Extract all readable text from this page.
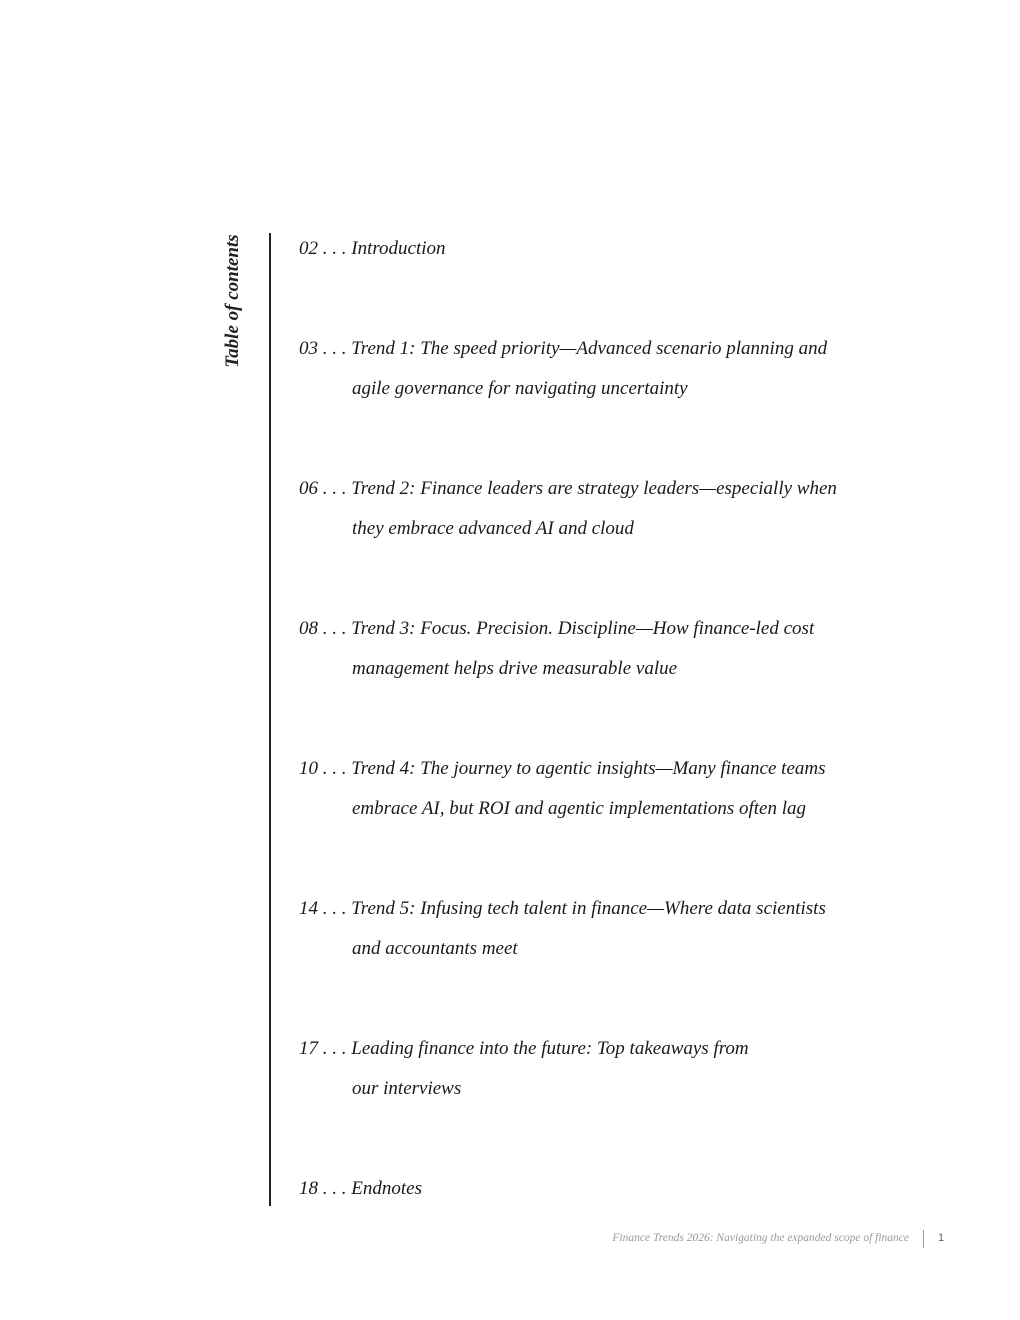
Table of contents	02 . . . Introduction
03 . . . Trend 1: The speed priority—Advanced scenario planning and
agile governance for navigating uncertainty
06 . . . Trend 2: Finance leaders are strategy leaders—especially when
they embrace advanced AI and cloud
08 . . . Trend 3: Focus. Precision. Discipline—How finance-led cost
management helps drive measurable value
10 . . . Trend 4: The journey to agentic insights—Many finance teams
embrace AI, but ROI and agentic implementations often lag
14 . . . Trend 5: Infusing tech talent in finance—Where data scientists
and accountants meet
17 . . . Leading finance into the future: Top takeaways from
our interviews
18 . . . Endnotes
Finance Trends 2026: Navigating the expanded scope of finance	1
